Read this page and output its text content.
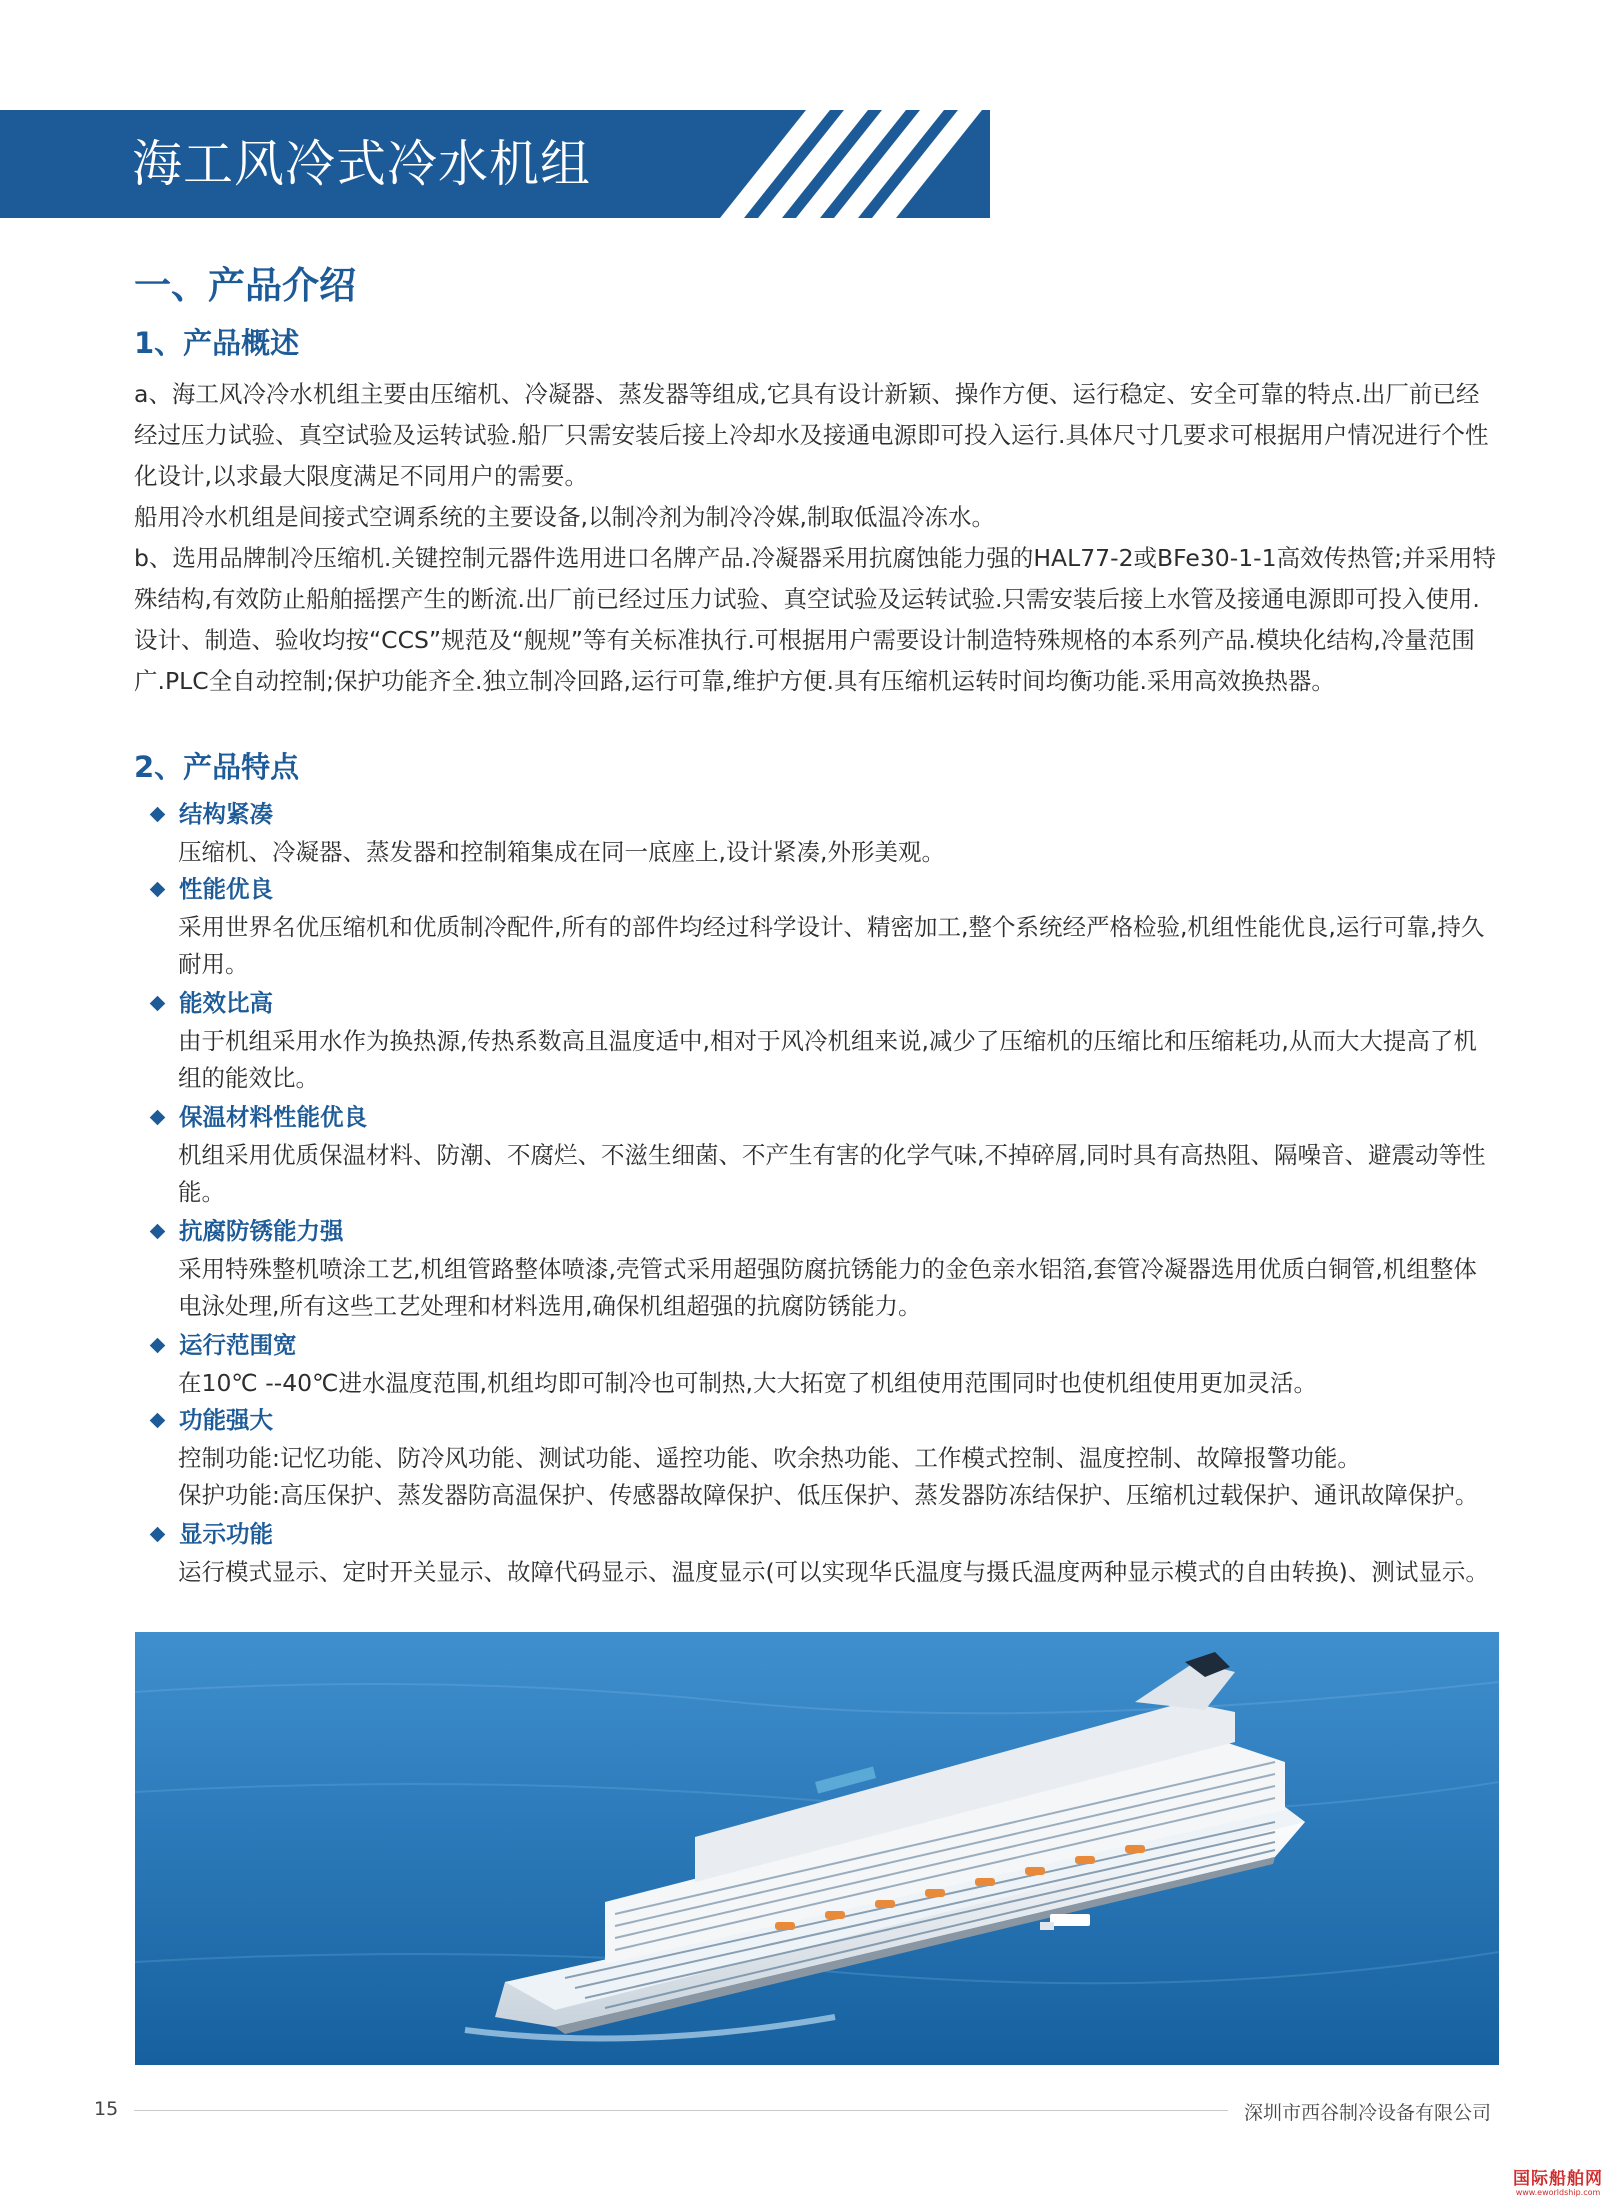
海工风冷式冷水机组
一、产品介绍
1、产品概述

a、海工风冷冷水机组主要由压缩机、冷凝器、蒸发器等组成,它具有设计新颖、操作方便、运行稳定、安全可靠的特点.出厂前已经经过压力试验、真空试验及运转试验.船厂只需安装后接上冷却水及接通电源即可投入运行.具体尺寸几要求可根据用户情况进行个性化设计,以求最大限度满足不同用户的需要。

船用冷水机组是间接式空调系统的主要设备,以制冷剂为制冷冷媒,制取低温冷冻水。

b、选用品牌制冷压缩机.关键控制元器件选用进口名牌产品.冷凝器采用抗腐蚀能力强的HAL77-2或BFe30-1-1高效传热管;并采用特殊结构,有效防止船舶摇摆产生的断流.出厂前已经过压力试验、真空试验及运转试验.只需安装后接上水管及接通电源即可投入使用.设计、制造、验收均按“CCS”规范及“舰规”等有关标准执行.可根据用户需要设计制造特殊规格的本系列产品.模块化结构,冷量范围广.PLC全自动控制;保护功能齐全.独立制冷回路,运行可靠,维护方便.具有压缩机运转时间均衡功能.采用高效换热器。

2、产品特点
结构紧凑

压缩机、冷凝器、蒸发器和控制箱集成在同一底座上,设计紧凑,外形美观。

性能优良

采用世界名优压缩机和优质制冷配件,所有的部件均经过科学设计、精密加工,整个系统经严格检验,机组性能优良,运行可靠,持久耐用。

能效比高

由于机组采用水作为换热源,传热系数高且温度适中,相对于风冷机组来说,减少了压缩机的压缩比和压缩耗功,从而大大提高了机组的能效比。

保温材料性能优良

机组采用优质保温材料、防潮、不腐烂、不滋生细菌、不产生有害的化学气味,不掉碎屑,同时具有高热阻、隔噪音、避震动等性能。

抗腐防锈能力强

采用特殊整机喷涂工艺,机组管路整体喷漆,壳管式采用超强防腐抗锈能力的金色亲水铝箔,套管冷凝器选用优质白铜管,机组整体电泳处理,所有这些工艺处理和材料选用,确保机组超强的抗腐防锈能力。

运行范围宽

在10℃ --40℃进水温度范围,机组均即可制冷也可制热,大大拓宽了机组使用范围同时也使机组使用更加灵活。

功能强大

控制功能:记忆功能、防冷风功能、测试功能、遥控功能、吹余热功能、工作模式控制、温度控制、故障报警功能。

保护功能:高压保护、蒸发器防高温保护、传感器故障保护、低压保护、蒸发器防冻结保护、压缩机过载保护、通讯故障保护。

显示功能

运行模式显示、定时开关显示、故障代码显示、温度显示(可以实现华氏温度与摄氏温度两种显示模式的自由转换)、测试显示。

15	深圳市西谷制冷设备有限公司
国际船舶网
www.eworldship.com
